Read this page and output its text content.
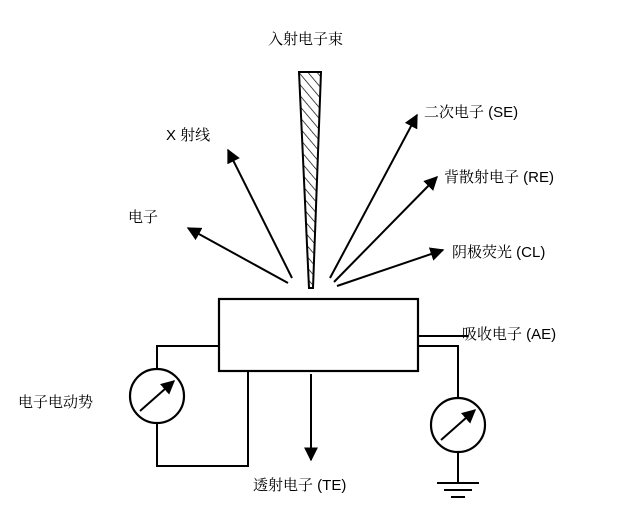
入射电子束
二次电子 (SE)
背散射电子 (RE)
阴极荧光 (CL)
吸收电子 (AE)
X 射线
电子
电子电动势
透射电子 (TE)
